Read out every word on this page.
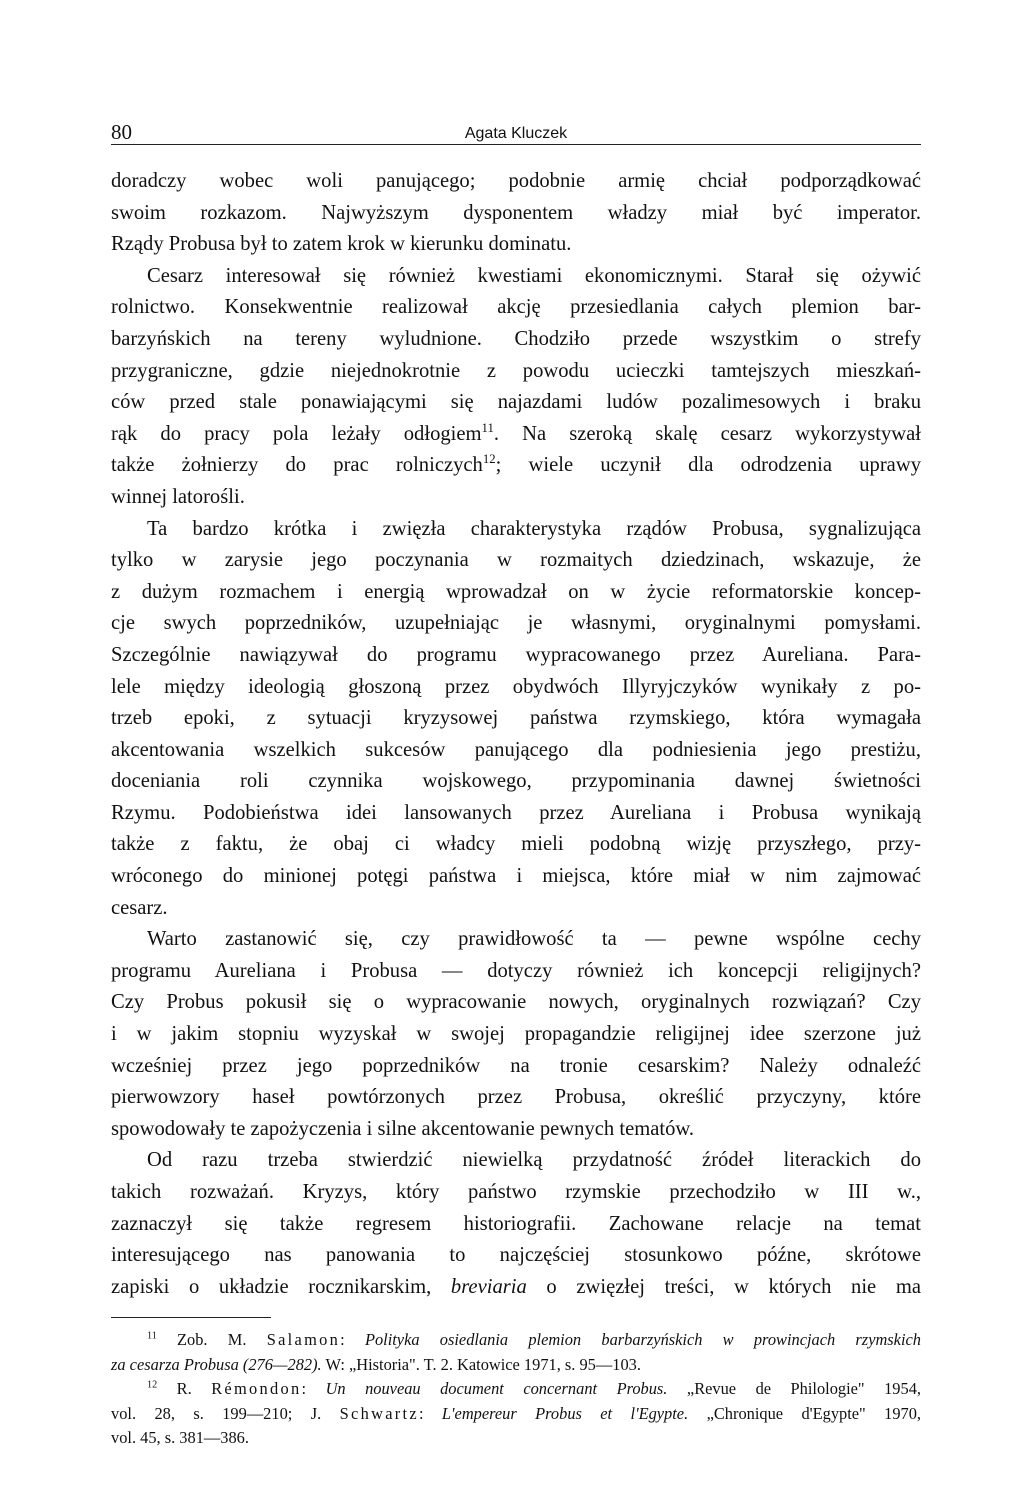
80	Agata Kluczek
doradczy wobec woli panującego; podobnie armię chciał podporządkować
swoim rozkazom. Najwyższym dysponentem władzy miał być imperator.
Rządy Probusa był to zatem krok w kierunku dominatu.
Cesarz interesował się również kwestiami ekonomicznymi. Starał się ożywić
rolnictwo. Konsekwentnie realizował akcję przesiedlania całych plemion bar-
barzyńskich na tereny wyludnione. Chodziło przede wszystkim o strefy
przygraniczne, gdzie niejednokrotnie z powodu ucieczki tamtejszych mieszkań-
ców przed stale ponawiającymi się najazdami ludów pozalimesowych i braku
rąk do pracy pola leżały odłogiem$^{11}$. Na szeroką skalę cesarz wykorzystywał
także żołnierzy do prac rolniczych$^{12}$; wiele uczynił dla odrodzenia uprawy
winnej latorośli.
Ta bardzo krótka i zwięzła charakterystyka rządów Probusa, sygnalizująca
tylko w zarysie jego poczynania w rozmaitych dziedzinach, wskazuje, że
z dużym rozmachem i energią wprowadzał on w życie reformatorskie koncep-
cje swych poprzedników, uzupełniając je własnymi, oryginalnymi pomysłami.
Szczególnie nawiązywał do programu wypracowanego przez Aureliana. Para-
lele między ideologią głoszoną przez obydwóch Illyryjczyków wynikały z po-
trzeb epoki, z sytuacji kryzysowej państwa rzymskiego, która wymagała
akcentowania wszelkich sukcesów panującego dla podniesienia jego prestiżu,
doceniania roli czynnika wojskowego, przypominania dawnej świetności
Rzymu. Podobieństwa idei lansowanych przez Aureliana i Probusa wynikają
także z faktu, że obaj ci władcy mieli podobną wizję przyszłego, przy-
wróconego do minionej potęgi państwa i miejsca, które miał w nim zajmować
cesarz.
Warto zastanowić się, czy prawidłowość ta — pewne wspólne cechy
programu Aureliana i Probusa — dotyczy również ich koncepcji religijnych?
Czy Probus pokusił się o wypracowanie nowych, oryginalnych rozwiązań? Czy
i w jakim stopniu wyzyskał w swojej propagandzie religijnej idee szerzone już
wcześniej przez jego poprzedników na tronie cesarskim? Należy odnaleźć
pierwowzory haseł powtórzonych przez Probusa, określić przyczyny, które
spowodowały te zapożyczenia i silne akcentowanie pewnych tematów.
Od razu trzeba stwierdzić niewielką przydatność źródeł literackich do
takich rozważań. Kryzys, który państwo rzymskie przechodziło w III w.,
zaznaczył się także regresem historiografii. Zachowane relacje na temat
interesującego nas panowania to najczęściej stosunkowo późne, skrótowe
zapiski o układzie rocznikarskim, breviaria o zwięzłej treści, w których nie ma
$^{11}$ Zob. M. Salamon: Polityka osiedlania plemion barbarzyńskich w prowincjach rzymskich
za cesarza Probusa (276—282). W: „Historia". T. 2. Katowice 1971, s. 95—103.
$^{12}$ R. Rémondon: Un nouveau document concernant Probus. „Revue de Philologie" 1954,
vol. 28, s. 199—210; J. Schwartz: L'empereur Probus et l'Egypte. „Chronique d'Egypte" 1970,
vol. 45, s. 381—386.
